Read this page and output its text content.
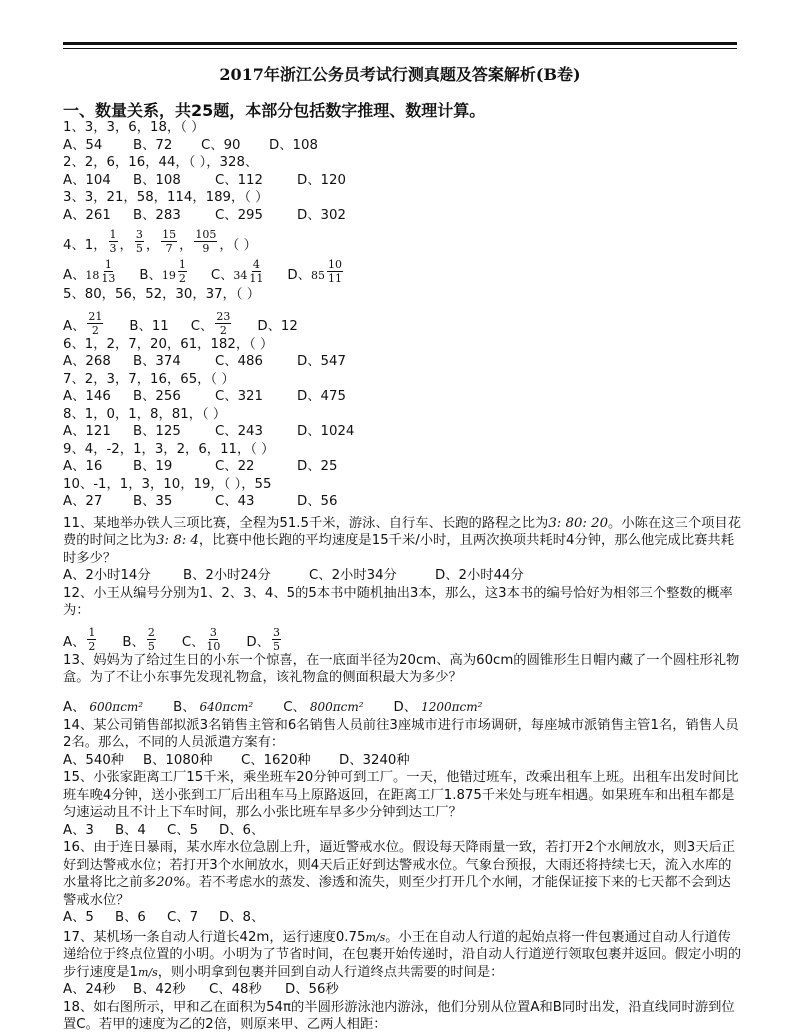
2017年浙江公务员考试行测真题及答案解析(B卷)
一、数量关系，共25题，本部分包括数字推理、数理计算。
1、3，3，6，18，（ ）
A、54 B、72 C、90 D、108
2、2，6，16，44，（ ），328、
A、104 B、108	C、112	D、120
3、3，21，58，114，189，（ ）
A、261 B、283	C、295	D、302
4、1， $\frac{1}{3}$ ， $\frac{3}{5}$ ， $\frac{15}{7}$ ， $\frac{105}{9}$ ，（ ）
A、 $18 \frac{1}{13}$ B、 $19 \frac{1}{2}$ C、 $34 \frac{4}{11}$ D、 $85 \frac{10}{11}$
5、80，56，52，30，37，（ ）
A、 $\frac{21}{2}$ B、11 C、 $\frac{23}{2}$ D、12
6、1，2，7，20，61，182，（ ）
A、268 B、374	C、486	D、547
7、2，3，7，16，65，（ ）
A、146 B、256	C、321	D、475
8、1，0，1，8，81，（ ）
A、121 B、125	C、243	D、1024
9、4，-2，1，3，2，6，11，（ ）
A、16 B、19	C、22	D、25
10、-1，1，3，10，19，（ ），55
A、27 B、35	C、43	D、56
11、某地举办铁人三项比赛，全程为51.5千米，游泳、自行车、长跑的路程之比为3: 80: 20。小陈在这三个项目花费的时间之比为3: 8: 4，比赛中他长跑的平均速度是15千米/小时，且两次换项共耗时4分钟，那么他完成比赛共耗时多少？
A、2小时14分 B、2小时24分	C、2小时34分	D、2小时44分
12、小王从编号分别为1、2、3、4、5的5本书中随机抽出3本，那么，这3本书的编号恰好为相邻三个整数的概率为：
A、 $\frac{1}{2}$ B、 $\frac{2}{5}$ C、 $\frac{3}{10}$ D、 $\frac{3}{5}$
13、妈妈为了给过生日的小东一个惊喜，在一底面半径为20cm、高为60cm的圆锥形生日帽内藏了一个圆柱形礼物盒。为了不让小东事先发现礼物盒，该礼物盒的侧面积最大为多少？
A、 600πcm² B、 640πcm² C、 800πcm² D、 1200πcm²
14、某公司销售部拟派3名销售主管和6名销售人员前往3座城市进行市场调研，每座城市派销售主管1名，销售人员2名。那么，不同的人员派遣方案有：
A、540种 B、1080种 C、1620种 D、3240种
15、小张家距离工厂15千米，乘坐班车20分钟可到工厂。一天，他错过班车，改乘出租车上班。出租车出发时间比班车晚4分钟，送小张到工厂后出租车马上原路返回，在距离工厂1.875千米处与班车相遇。如果班车和出租车都是匀速运动且不计上下车时间，那么小张比班车早多少分钟到达工厂？
A、3 B、4 C、5 D、6、
16、由于连日暴雨，某水库水位急剧上升，逼近警戒水位。假设每天降雨量一致，若打开2个水闸放水，则3天后正好到达警戒水位；若打开3个水闸放水，则4天后正好到达警戒水位。气象台预报，大雨还将持续七天，流入水库的水量将比之前多20%。若不考虑水的蒸发、渗透和流失，则至少打开几个水闸，才能保证接下来的七天都不会到达警戒水位？
A、5 B、6 C、7 D、8、
17、某机场一条自动人行道长42m，运行速度0.75m/s。小王在自动人行道的起始点将一件包裹通过自动人行道传递给位于终点位置的小明。小明为了节省时间，在包裹开始传递时，沿自动人行道逆行领取包裹并返回。假定小明的步行速度是1m/s，则小明拿到包裹并回到自动人行道终点共需要的时间是：
A、24秒 B、42秒 C、48秒 D、56秒
18、如右图所示，甲和乙在面积为54π的半圆形游泳池内游泳，他们分别从位置A和B同时出发，沿直线同时游到位置C。若甲的速度为乙的2倍，则原来甲、乙两人相距：
